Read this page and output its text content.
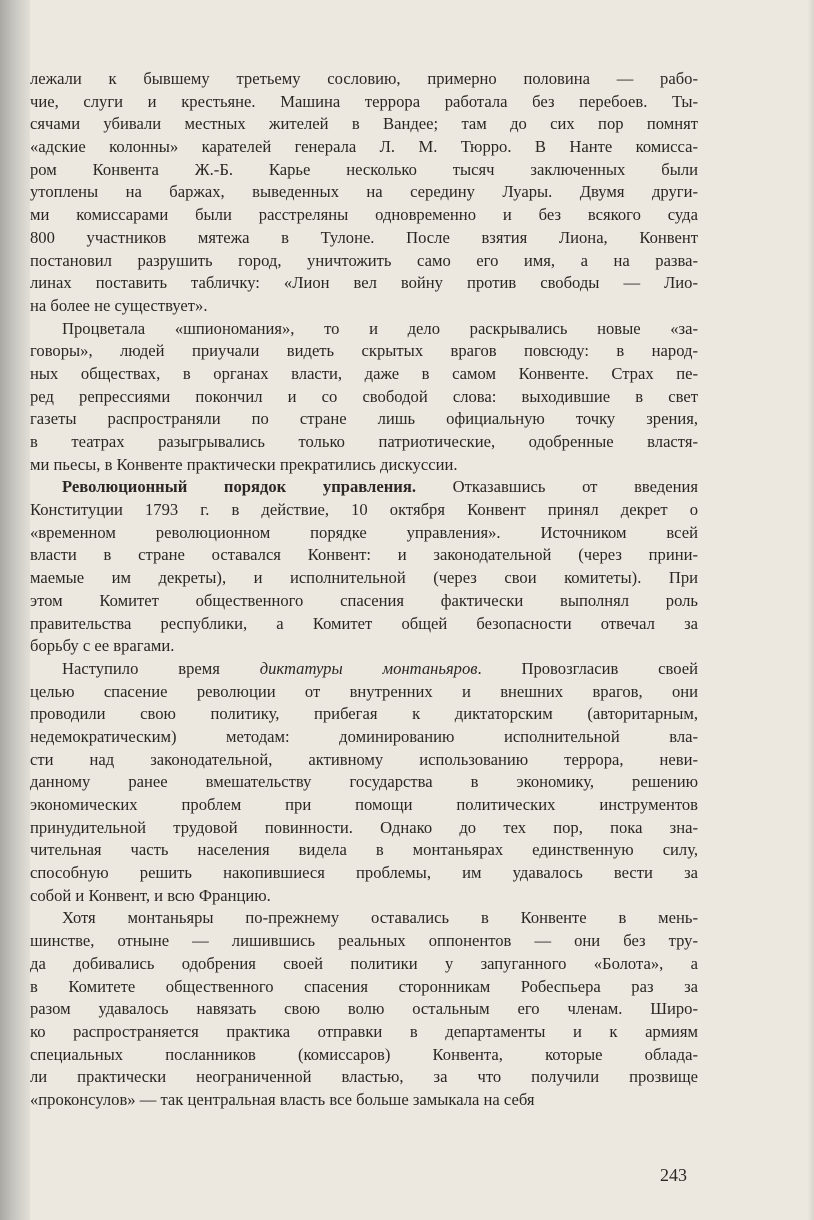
лежали к бывшему третьему сословию, примерно половина — рабо-
чие, слуги и крестьяне. Машина террора работала без перебоев. Ты-
сячами убивали местных жителей в Вандее; там до сих пор помнят
«адские колонны» карателей генерала Л. М. Тюрро. В Нанте комисса-
ром Конвента Ж.-Б. Карье несколько тысяч заключенных были
утоплены на баржах, выведенных на середину Луары. Двумя други-
ми комиссарами были расстреляны одновременно и без всякого суда
800 участников мятежа в Тулоне. После взятия Лиона, Конвент
постановил разрушить город, уничтожить само его имя, а на разва-
линах поставить табличку: «Лион вел войну против свободы — Лио-
на более не существует».
Процветала «шпиономания», то и дело раскрывались новые «за-
говоры», людей приучали видеть скрытых врагов повсюду: в народ-
ных обществах, в органах власти, даже в самом Конвенте. Страх пе-
ред репрессиями покончил и со свободой слова: выходившие в свет
газеты распространяли по стране лишь официальную точку зрения,
в театрах разыгрывались только патриотические, одобренные властя-
ми пьесы, в Конвенте практически прекратились дискуссии.
Революционный порядок управления. Отказавшись от введения
Конституции 1793 г. в действие, 10 октября Конвент принял декрет о
«временном революционном порядке управления». Источником всей
власти в стране оставался Конвент: и законодательной (через прини-
маемые им декреты), и исполнительной (через свои комитеты). При
этом Комитет общественного спасения фактически выполнял роль
правительства республики, а Комитет общей безопасности отвечал за
борьбу с ее врагами.
Наступило время диктатуры монтаньяров. Провозгласив своей
целью спасение революции от внутренних и внешних врагов, они
проводили свою политику, прибегая к диктаторским (авторитарным,
недемократическим) методам: доминированию исполнительной вла-
сти над законодательной, активному использованию террора, неви-
данному ранее вмешательству государства в экономику, решению
экономических проблем при помощи политических инструментов
принудительной трудовой повинности. Однако до тех пор, пока зна-
чительная часть населения видела в монтаньярах единственную силу,
способную решить накопившиеся проблемы, им удавалось вести за
собой и Конвент, и всю Францию.
Хотя монтаньяры по-прежнему оставались в Конвенте в мень-
шинстве, отныне — лишившись реальных оппонентов — они без тру-
да добивались одобрения своей политики у запуганного «Болота», а
в Комитете общественного спасения сторонникам Робеспьера раз за
разом удавалось навязать свою волю остальным его членам. Широ-
ко распространяется практика отправки в департаменты и к армиям
специальных посланников (комиссаров) Конвента, которые облада-
ли практически неограниченной властью, за что получили прозвище
«проконсулов» — так центральная власть все больше замыкала на себя
243
